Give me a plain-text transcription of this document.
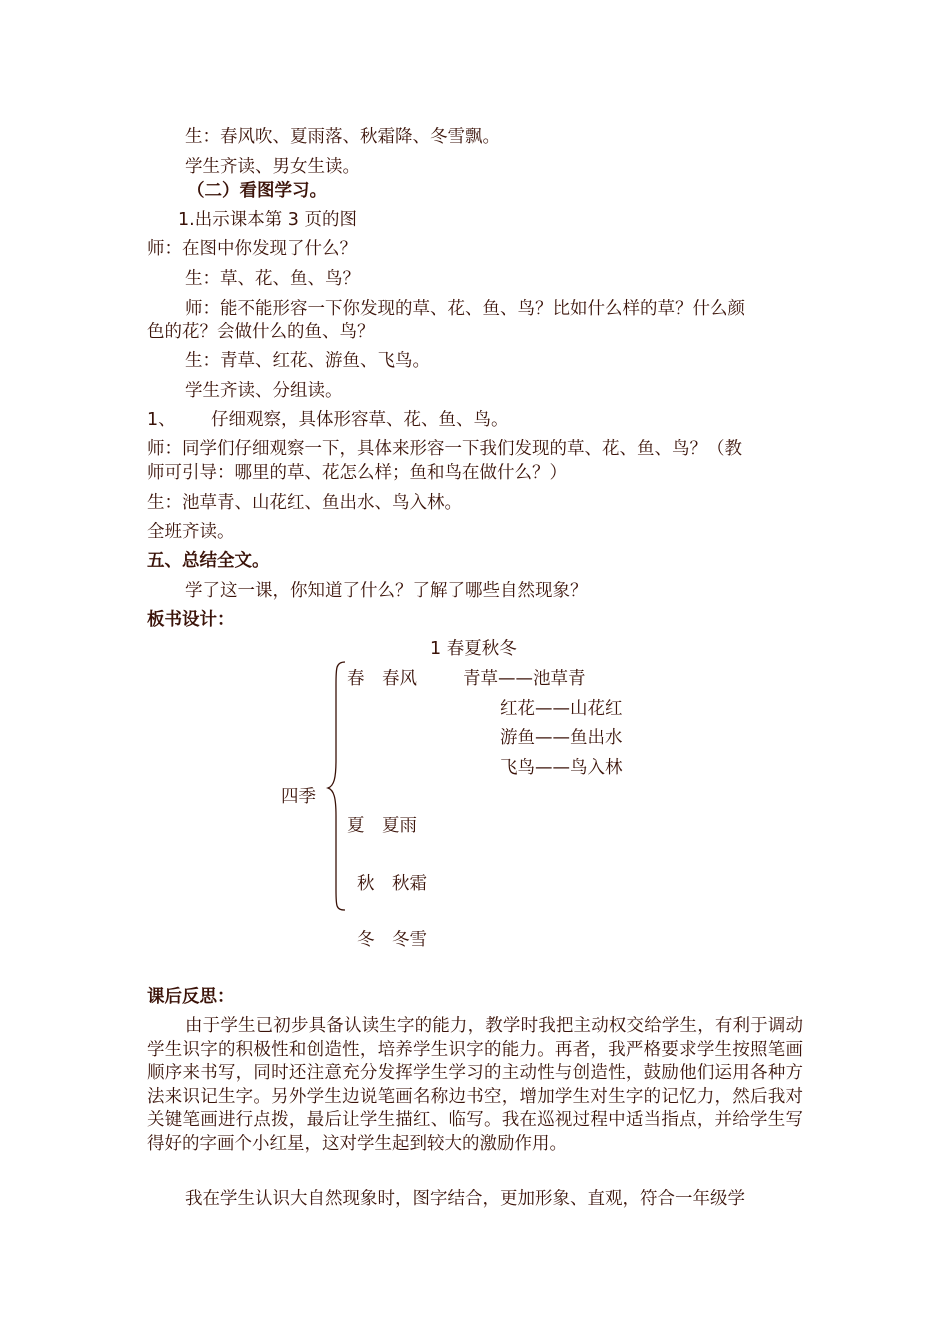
生：春风吹、夏雨落、秋霜降、冬雪飘。
学生齐读、男女生读。
（二）看图学习。
1.出示课本第 3 页的图
师：在图中你发现了什么？
生：草、花、鱼、鸟？
师：能不能形容一下你发现的草、花、鱼、鸟？比如什么样的草？什么颜
色的花？会做什么的鱼、鸟？
生：青草、红花、游鱼、飞鸟。
学生齐读、分组读。
1、 仔细观察，具体形容草、花、鱼、鸟。
师：同学们仔细观察一下，具体来形容一下我们发现的草、花、鱼、鸟？（教
师可引导：哪里的草、花怎么样；鱼和鸟在做什么？）
生：池草青、山花红、鱼出水、鸟入林。
全班齐读。
五、总结全文。
学了这一课，你知道了什么？了解了哪些自然现象？
板书设计：
1 春夏秋冬
四季
春　春风	青草——池草青
红花——山花红
游鱼——鱼出水
飞鸟——鸟入林
夏　夏雨
秋　秋霜
冬　冬雪
课后反思：
由于学生已初步具备认读生字的能力，教学时我把主动权交给学生，有利于调动学生识字的积极性和创造性，培养学生识字的能力。再者，我严格要求学生按照笔画顺序来书写，同时还注意充分发挥学生学习的主动性与创造性，鼓励他们运用各种方法来识记生字。另外学生边说笔画名称边书空，增加学生对生字的记忆力，然后我对关键笔画进行点拨，最后让学生描红、临写。我在巡视过程中适当指点，并给学生写得好的字画个小红星，这对学生起到较大的激励作用。
我在学生认识大自然现象时，图字结合，更加形象、直观，符合一年级学
